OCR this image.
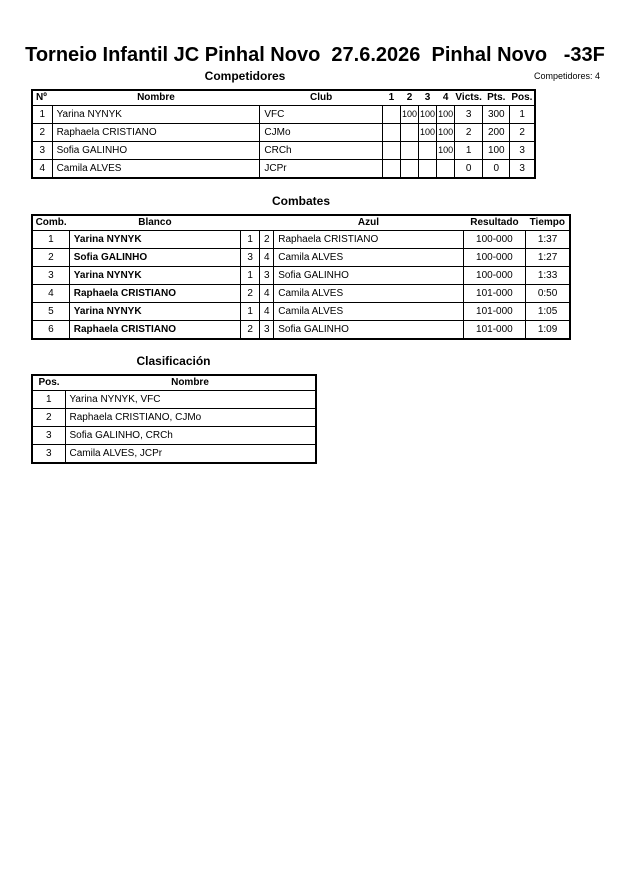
Torneio Infantil JC Pinhal Novo  27.6.2026  Pinhal Novo   -33F
Competidores	Competidores: 4
Nº	Nombre	Club	1	2	3	4	Victs.	Pts.	Pos.
1	Yarina NYNYK	VFC		100	100	100	3	300	1
2	Raphaela CRISTIANO	CJMo			100	100	2	200	2
3	Sofia GALINHO	CRCh				100	1	100	3
4	Camila ALVES	JCPr					0	0	3
Combates
Comb.	Blanco			Azul	Resultado	Tiempo
1	Yarina NYNYK	1	2	Raphaela CRISTIANO	100-000	1:37
2	Sofia GALINHO	3	4	Camila ALVES	100-000	1:27
3	Yarina NYNYK	1	3	Sofia GALINHO	100-000	1:33
4	Raphaela CRISTIANO	2	4	Camila ALVES	101-000	0:50
5	Yarina NYNYK	1	4	Camila ALVES	101-000	1:05
6	Raphaela CRISTIANO	2	3	Sofia GALINHO	101-000	1:09
Clasificación
Pos.	Nombre
1	Yarina NYNYK, VFC
2	Raphaela CRISTIANO, CJMo
3	Sofia GALINHO, CRCh
3	Camila ALVES, JCPr
